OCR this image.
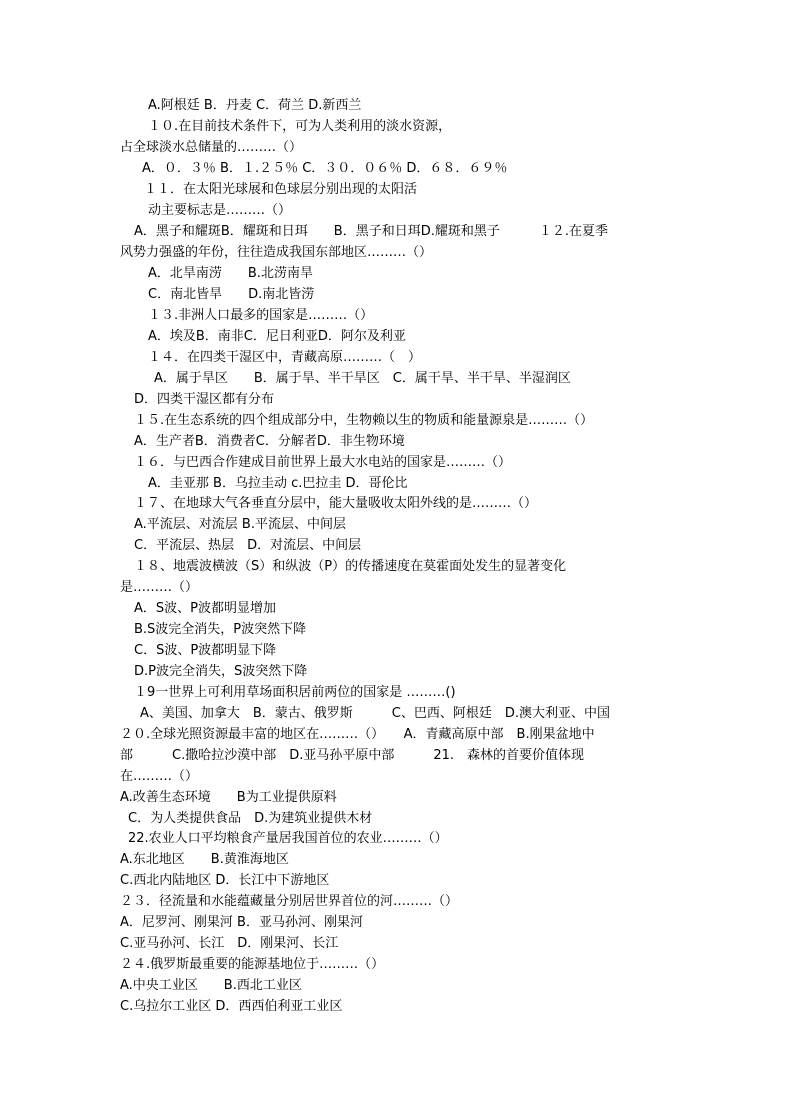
A.阿根廷 B．丹麦 C．荷兰 D.新西兰
１０.在目前技术条件下，可为人类利用的淡水资源，
占全球淡水总储量的………（）
A．０．３％ B．１.２５％ C．３０．０６％ D．６８．６９％
１１．在太阳光球展和色球层分别出现的太阳活
动主要标志是………（）
A．黑子和耀斑B．耀斑和日珥　　B．黑子和日珥D.耀斑和黑子　　　１２.在夏季
风势力强盛的年份，往往造成我国东部地区………（）
A．北旱南涝　　B.北涝南旱
C．南北皆旱　　D.南北皆涝
１３.非洲人口最多的国家是………（）
A．埃及B．南非C．尼日利亚D．阿尔及利亚
１４．在四类干湿区中，青藏高原………（　）
A．属于旱区　　B．属于旱、半干旱区　C．属干旱、半干旱、半湿润区
D．四类干湿区都有分布
１５.在生态系统的四个组成部分中，生物赖以生的物质和能量源泉是………（）
A．生产者B．消费者C．分解者D．非生物环境
１６．与巴西合作建成目前世界上最大水电站的国家是………（）
A．圭亚那 B．乌拉圭动 c.巴拉圭 D．哥伦比
１７、在地球大气各垂直分层中，能大量吸收太阳外线的是………（）
A.平流层、对流层 B.平流层、中间层
C．平流层、热层　D．对流层、中间层
１８、地震波横波（S）和纵波（P）的传播速度在莫霍面处发生的显著变化
是………（）
A．S波、P波都明显增加
B.S波完全消失，P波突然下降
C．S波、P波都明显下降
D.P波完全消失，S波突然下降
１9一世界上可利用草场面积居前两位的国家是 ………()
A、美国、加拿大　B．蒙古、俄罗斯　　　C、巴西、阿根廷　D.澳大利亚、中国
２０.全球光照资源最丰富的地区在………（）　　A．青藏高原中部　B.刚果盆地中
部　　　C.撒哈拉沙漠中部　D.亚马孙平原中部　　　21.　森林的首要价值体现
在………（）
A.改善生态环境　　B为工业提供原料
C．为人类提供食品　D.为建筑业提供木材
22.农业人口平均粮食产量居我国首位的农业………（）
A.东北地区　　B.黄淮海地区
C.西北内陆地区 D．长江中下游地区
２３．径流量和水能蕴藏量分别居世界首位的河………（）
A．尼罗河、刚果河 B．亚马孙河、刚果河
C.亚马孙河、长江　D．刚果河、长江
２４.俄罗斯最重要的能源基地位于………（）
A.中央工业区　　B.西北工业区
C.乌拉尔工业区 D．西西伯利亚工业区
